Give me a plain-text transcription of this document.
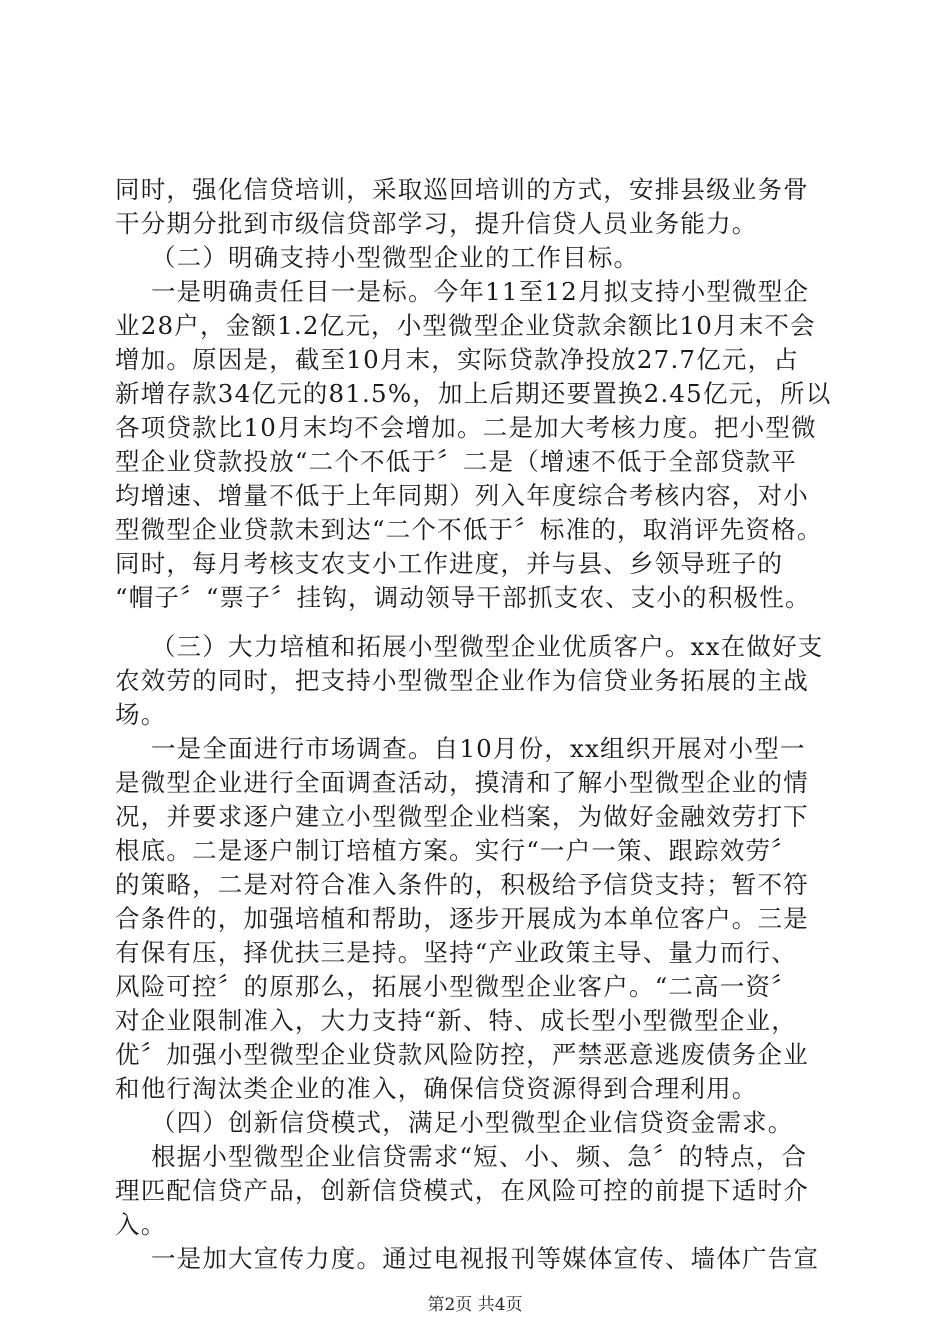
同时，强化信贷培训，采取巡回培训的方式，安排县级业务骨
干分期分批到市级信贷部学习，提升信贷人员业务能力。
（二）明确支持小型微型企业的工作目标。
一是明确责任目一是标。今年11至12月拟支持小型微型企
业28户，金额1.2亿元，小型微型企业贷款余额比10月末不会
增加。原因是，截至10月末，实际贷款净投放27.7亿元，占
新增存款34亿元的81.5%，加上后期还要置换2.45亿元，所以
各项贷款比10月末均不会增加。二是加大考核力度。把小型微
型企业贷款投放“二个不低于〞二是（增速不低于全部贷款平
均增速、增量不低于上年同期）列入年度综合考核内容，对小
型微型企业贷款未到达“二个不低于〞标准的，取消评先资格。
同时，每月考核支农支小工作进度，并与县、乡领导班子的
“帽子〞“票子〞挂钩，调动领导干部抓支农、支小的积极性。
（三）大力培植和拓展小型微型企业优质客户。xx在做好支
农效劳的同时，把支持小型微型企业作为信贷业务拓展的主战
场。
一是全面进行市场调查。自10月份，xx组织开展对小型一
是微型企业进行全面调查活动，摸清和了解小型微型企业的情
况，并要求逐户建立小型微型企业档案，为做好金融效劳打下
根底。二是逐户制订培植方案。实行“一户一策、跟踪效劳〞
的策略，二是对符合准入条件的，积极给予信贷支持；暂不符
合条件的，加强培植和帮助，逐步开展成为本单位客户。三是
有保有压，择优扶三是持。坚持“产业政策主导、量力而行、
风险可控〞的原那么，拓展小型微型企业客户。“二高一资〞
对企业限制准入，大力支持“新、特、成长型小型微型企业，
优〞加强小型微型企业贷款风险防控，严禁恶意逃废债务企业
和他行淘汰类企业的准入，确保信贷资源得到合理利用。
（四）创新信贷模式，满足小型微型企业信贷资金需求。
根据小型微型企业信贷需求“短、小、频、急〞的特点，合
理匹配信贷产品，创新信贷模式，在风险可控的前提下适时介
入。
一是加大宣传力度。通过电视报刊等媒体宣传、墙体广告宣
第2页 共4页
